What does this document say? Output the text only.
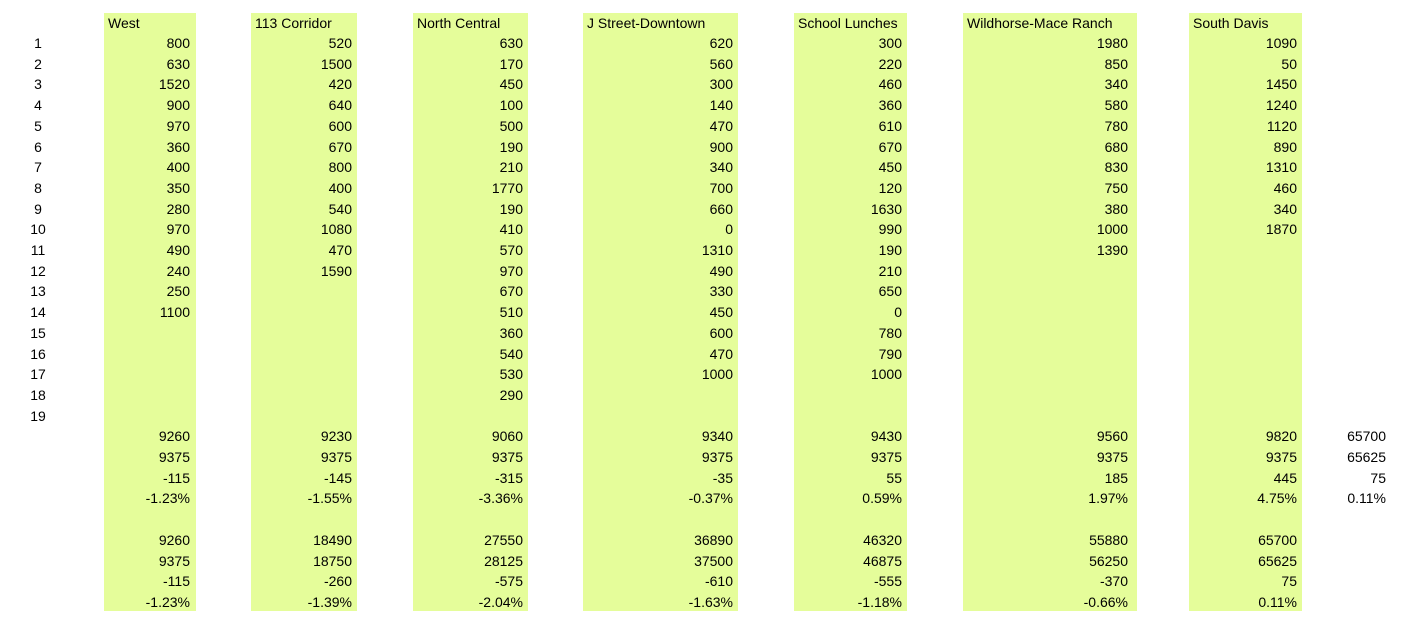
1
2
3
4
5
6
7
8
9
10
11
12
13
14
15
16
17
18
19
West
800
630
1520
900
970
360
400
350
280
970
490
240
250
1100
9260
9375
-115
-1.23%
9260
9375
-115
-1.23%
113 Corridor
520
1500
420
640
600
670
800
400
540
1080
470
1590
9230
9375
-145
-1.55%
18490
18750
-260
-1.39%
North Central
630
170
450
100
500
190
210
1770
190
410
570
970
670
510
360
540
530
290
9060
9375
-315
-3.36%
27550
28125
-575
-2.04%
J Street-Downtown
620
560
300
140
470
900
340
700
660
0
1310
490
330
450
600
470
1000
9340
9375
-35
-0.37%
36890
37500
-610
-1.63%
School Lunches
300
220
460
360
610
670
450
120
1630
990
190
210
650
0
780
790
1000
9430
9375
55
0.59%
46320
46875
-555
-1.18%
Wildhorse-Mace Ranch
1980
850
340
580
780
680
830
750
380
1000
1390
9560
9375
185
1.97%
55880
56250
-370
-0.66%
South Davis
1090
50
1450
1240
1120
890
1310
460
340
1870
9820
9375
445
4.75%
65700
65625
75
0.11%
65700
65625
75
0.11%
